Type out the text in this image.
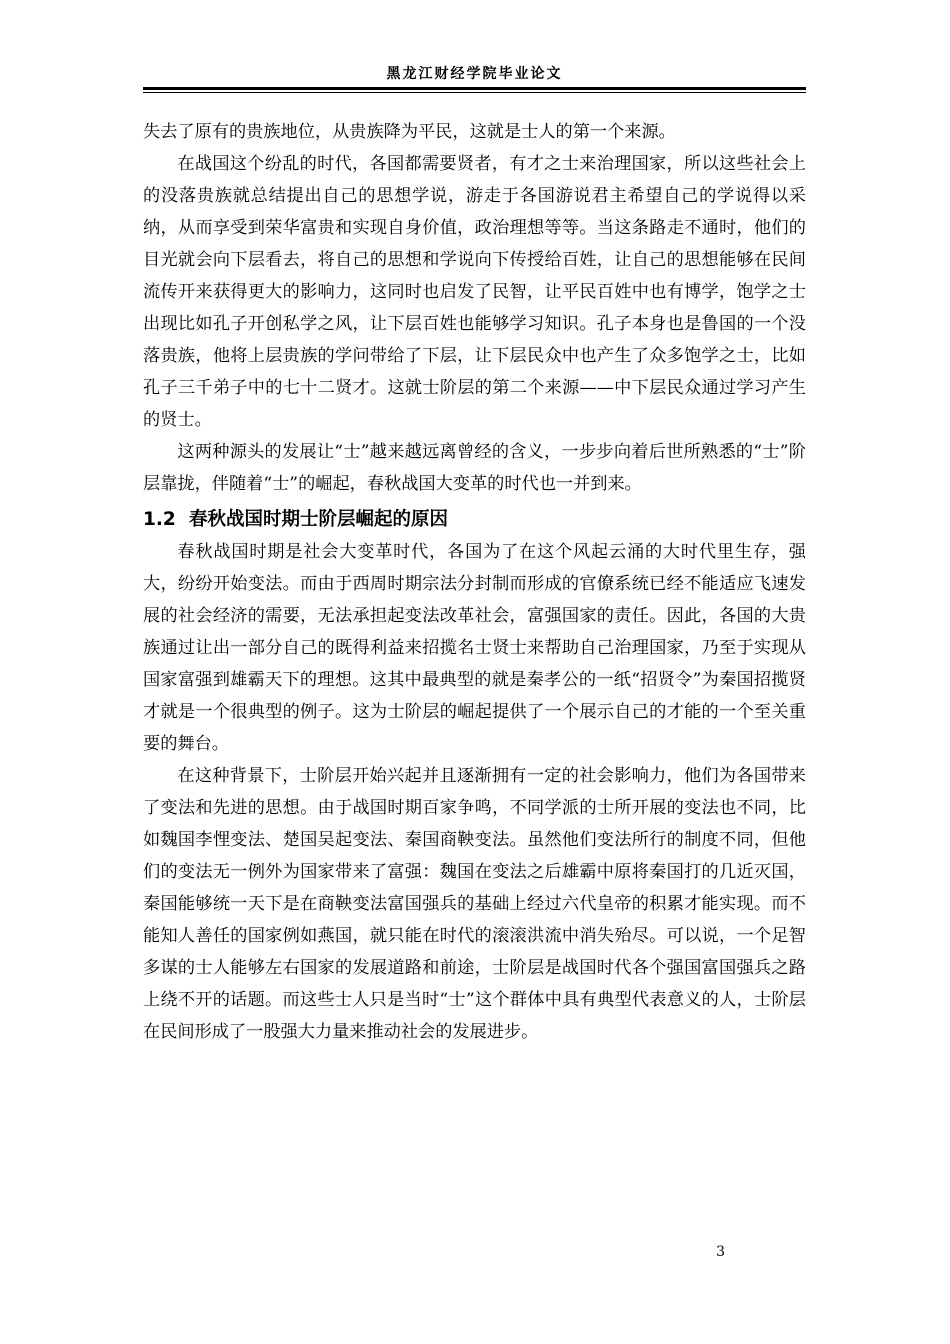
黑龙江财经学院毕业论文

失去了原有的贵族地位，从贵族降为平民，这就是士人的第一个来源。

在战国这个纷乱的时代，各国都需要贤者，有才之士来治理国家，所以这些社会上的没落贵族就总结提出自己的思想学说，游走于各国游说君主希望自己的学说得以采纳，从而享受到荣华富贵和实现自身价值，政治理想等等。当这条路走不通时，他们的目光就会向下层看去，将自己的思想和学说向下传授给百姓，让自己的思想能够在民间流传开来获得更大的影响力，这同时也启发了民智，让平民百姓中也有博学，饱学之士出现比如孔子开创私学之风，让下层百姓也能够学习知识。孔子本身也是鲁国的一个没落贵族，他将上层贵族的学问带给了下层，让下层民众中也产生了众多饱学之士，比如孔子三千弟子中的七十二贤才。这就士阶层的第二个来源——中下层民众通过学习产生的贤士。

这两种源头的发展让“士”越来越远离曾经的含义，一步步向着后世所熟悉的“士”阶层靠拢，伴随着“士”的崛起，春秋战国大变革的时代也一并到来。

1.2 春秋战国时期士阶层崛起的原因

春秋战国时期是社会大变革时代，各国为了在这个风起云涌的大时代里生存，强大，纷纷开始变法。而由于西周时期宗法分封制而形成的官僚系统已经不能适应飞速发展的社会经济的需要，无法承担起变法改革社会，富强国家的责任。因此，各国的大贵族通过让出一部分自己的既得利益来招揽名士贤士来帮助自己治理国家，乃至于实现从国家富强到雄霸天下的理想。这其中最典型的就是秦孝公的一纸“招贤令”为秦国招揽贤才就是一个很典型的例子。这为士阶层的崛起提供了一个展示自己的才能的一个至关重要的舞台。

在这种背景下，士阶层开始兴起并且逐渐拥有一定的社会影响力，他们为各国带来了变法和先进的思想。由于战国时期百家争鸣，不同学派的士所开展的变法也不同，比如魏国李悝变法、楚国吴起变法、秦国商鞅变法。虽然他们变法所行的制度不同，但他们的变法无一例外为国家带来了富强：魏国在变法之后雄霸中原将秦国打的几近灭国，秦国能够统一天下是在商鞅变法富国强兵的基础上经过六代皇帝的积累才能实现。而不能知人善任的国家例如燕国，就只能在时代的滚滚洪流中消失殆尽。可以说，一个足智多谋的士人能够左右国家的发展道路和前途，士阶层是战国时代各个强国富国强兵之路上绕不开的话题。而这些士人只是当时“士”这个群体中具有典型代表意义的人，士阶层在民间形成了一股强大力量来推动社会的发展进步。

3
